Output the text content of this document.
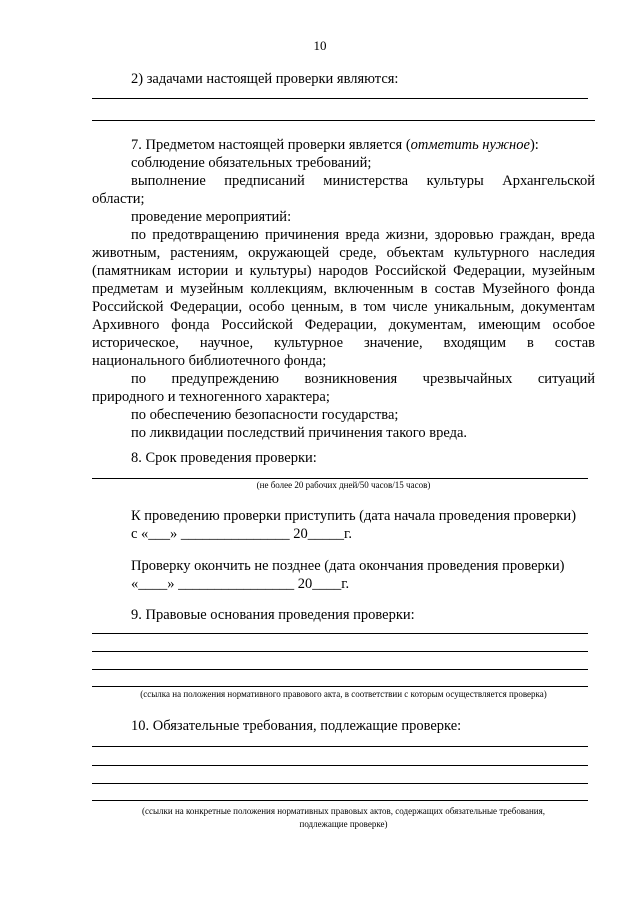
10
2) задачами настоящей проверки являются:
7. Предметом настоящей проверки является (отметить нужное):
соблюдение обязательных требований;
выполнение предписаний министерства культуры Архангельской
области;
проведение мероприятий:
по предотвращению причинения вреда жизни, здоровью граждан, вреда
животным, растениям, окружающей среде, объектам культурного наследия
(памятникам истории и культуры) народов Российской Федерации, музейным
предметам и музейным коллекциям, включенным в состав Музейного фонда
Российской Федерации, особо ценным, в том числе уникальным, документам
Архивного фонда Российской Федерации, документам, имеющим особое
историческое, научное, культурное значение, входящим в состав
национального библиотечного фонда;
по предупреждению возникновения чрезвычайных ситуаций
природного и техногенного характера;
по обеспечению безопасности государства;
по ликвидации последствий причинения такого вреда.
8. Срок проведения проверки:
(не более 20 рабочих дней/50 часов/15 часов)
К проведению проверки приступить (дата начала проведения проверки)
с «___» _______________ 20_____г.
Проверку окончить не позднее (дата окончания проведения проверки)
«____» ________________ 20____г.
9. Правовые основания проведения проверки:
(ссылка на положения нормативного правового акта, в соответствии с которым осуществляется проверка)
10. Обязательные требования, подлежащие проверке:
(ссылки на конкретные положения нормативных правовых актов, содержащих обязательные требования,
подлежащие проверке)
